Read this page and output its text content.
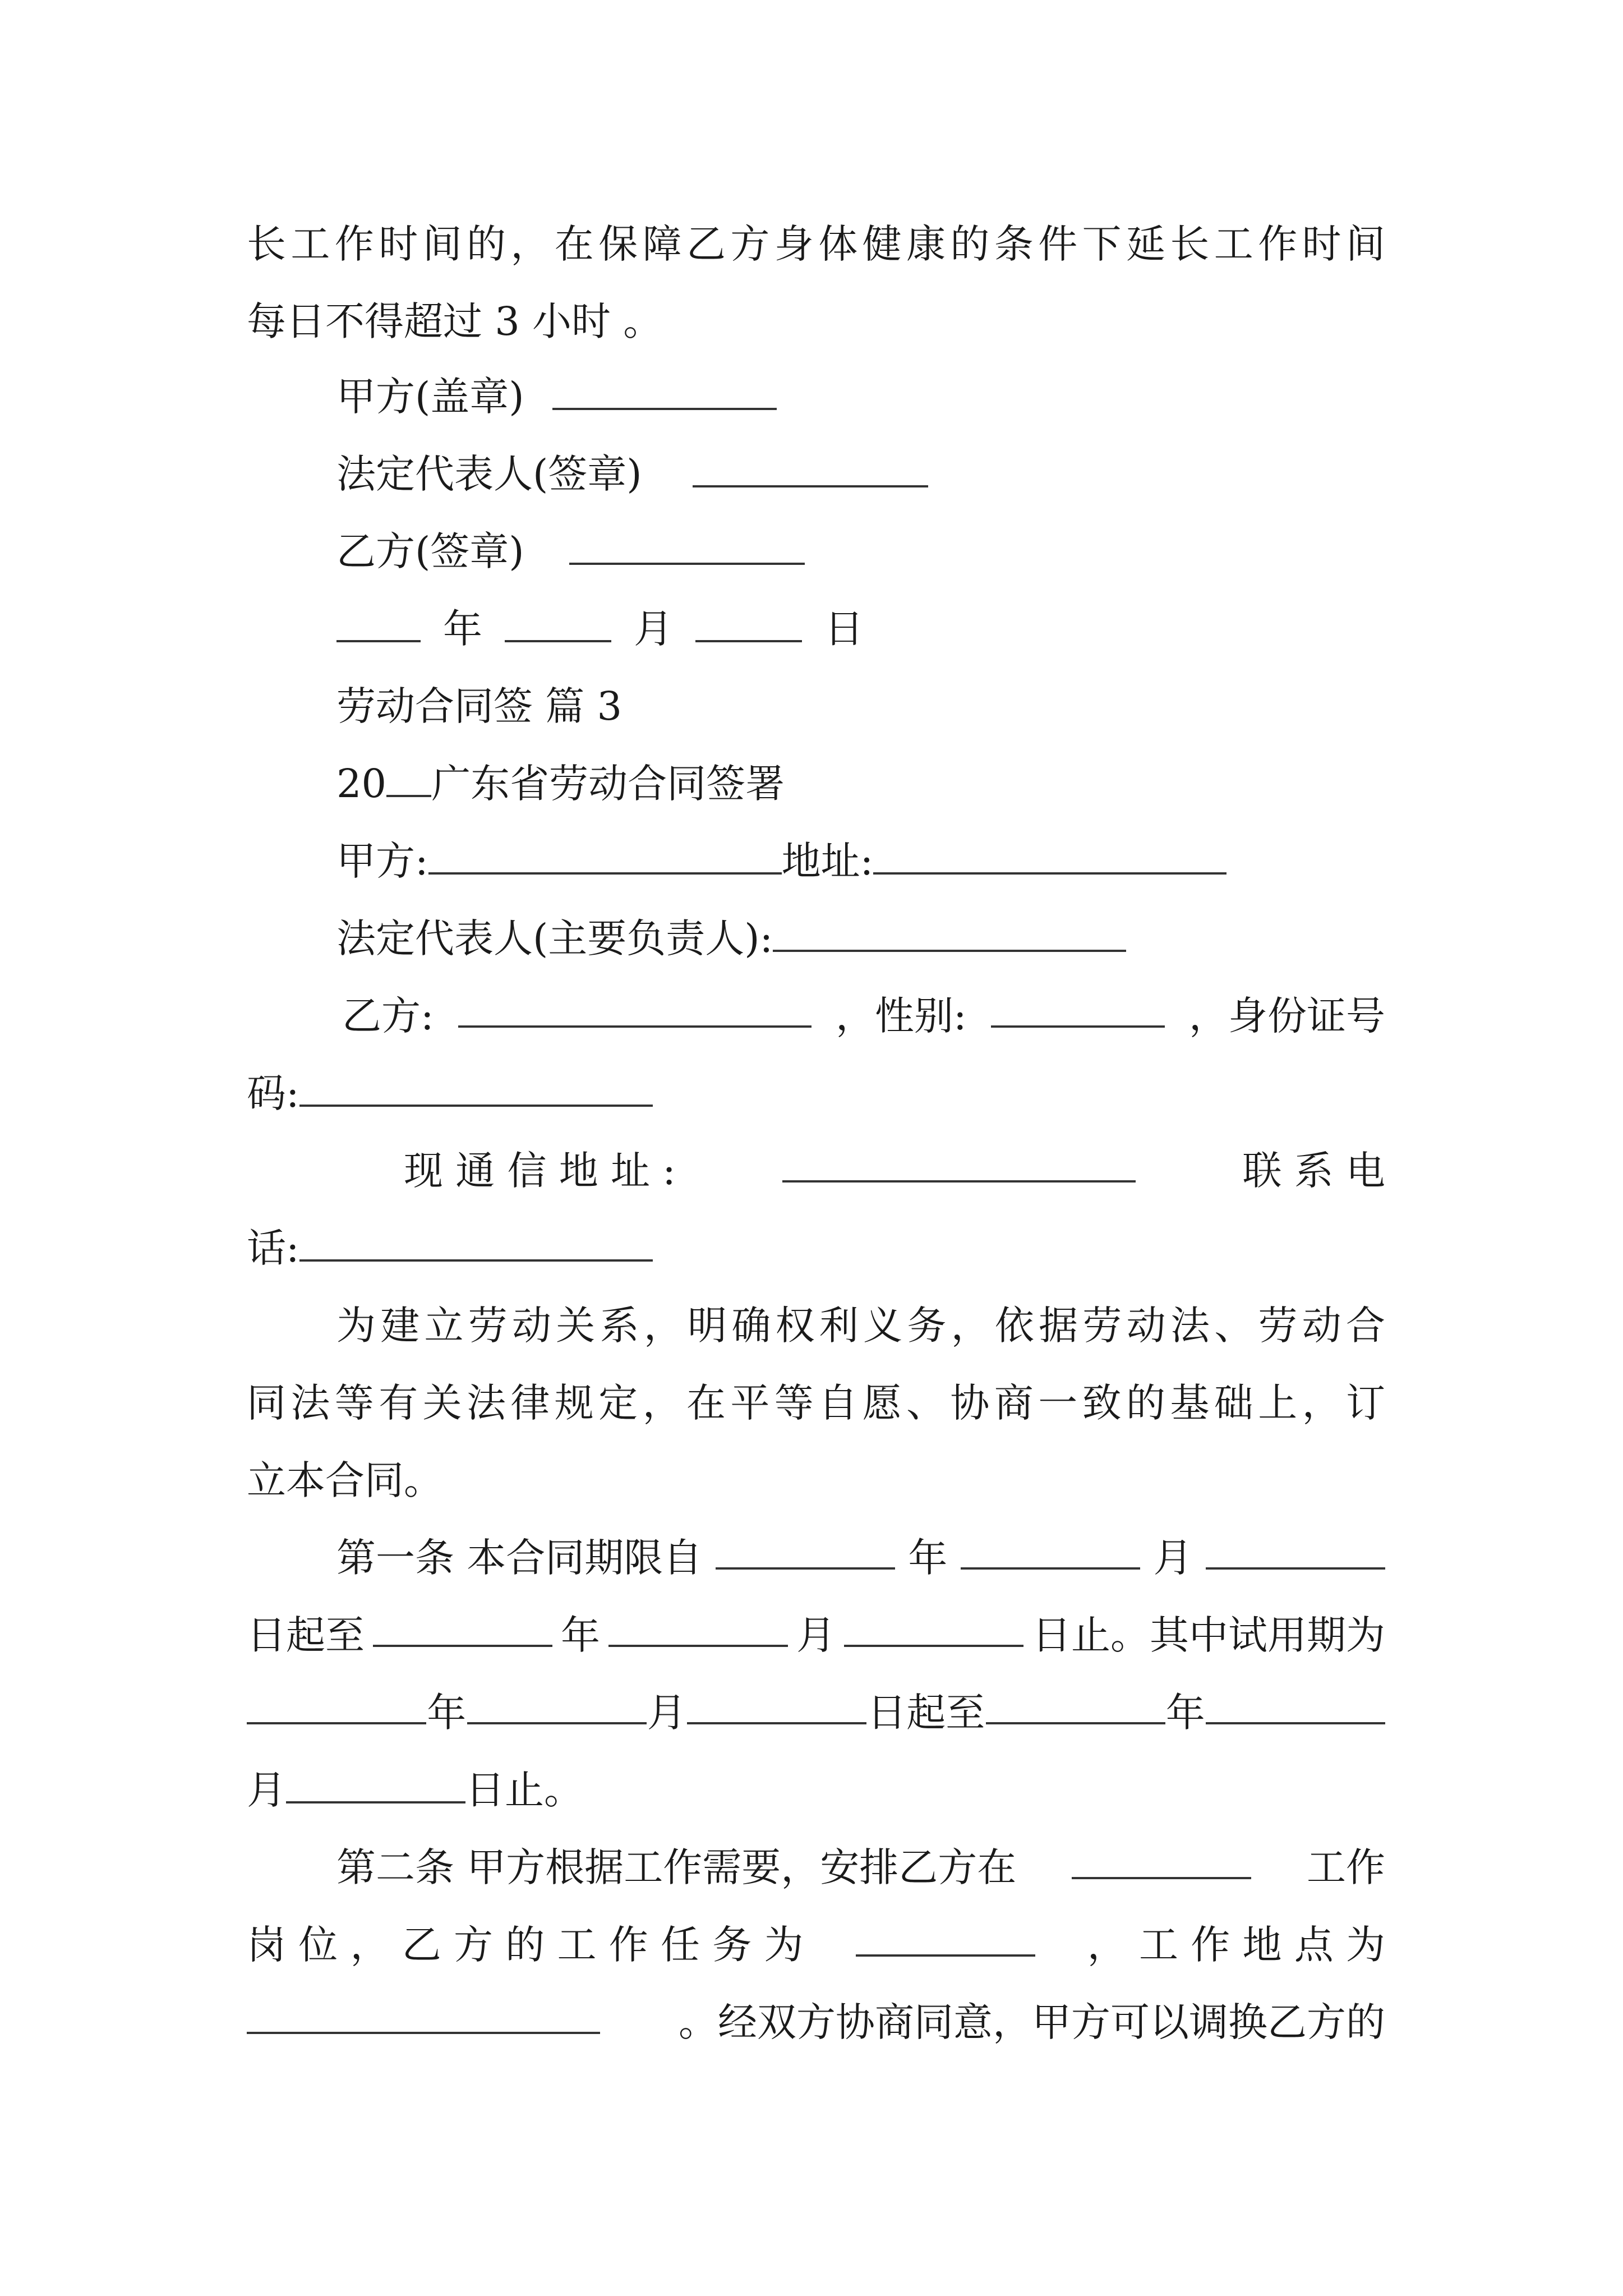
长工作时间的，在保障乙方身体健康的条件下延长工作时间
每日不得超过 3 小时 。
甲方(盖章)
法定代表人(签章)
乙方(签章)
年	月	日
劳动合同签 篇 3
20 广东省劳动合同签署
甲方:	地址:
法定代表人(主要负责人):
乙方:	，性别:	，身份证号
码:
现 通 信 地 址 :	联 系 电
话:
为建立劳动关系，明确权利义务，依据劳动法、劳动合
同法等有关法律规定，在平等自愿、协商一致的基础上，订
立本合同。
第一条 本合同期限自	年	月
日起至	年	月	日止。其中试用期为
年	月	日起至	年
月	日止。
第二条 甲方根据工作需要，安排乙方在	工作
岗 位 ， 乙 方 的 工 作 任 务 为	， 工 作 地 点 为
。经双方协商同意，甲方可以调换乙方的
